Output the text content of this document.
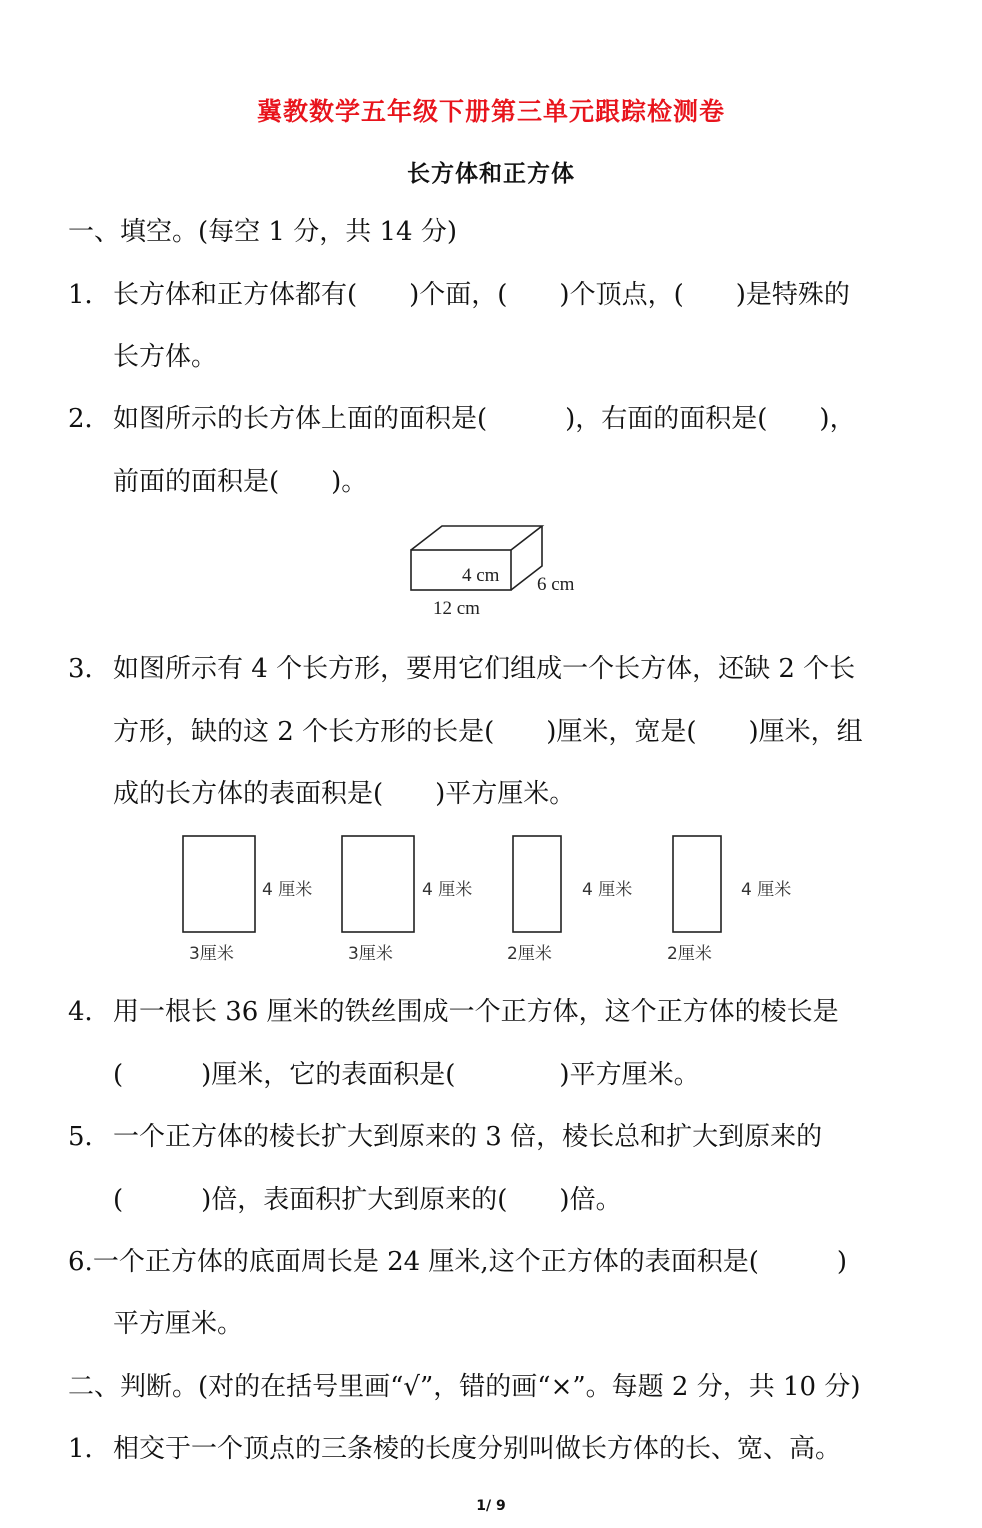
冀教数学五年级下册第三单元跟踪检测卷
长方体和正方体
一、填空。(每空 1 分，共 14 分)
1．长方体和正方体都有(　　)个面，(　　)个顶点，(　　)是特殊的
长方体。
2．如图所示的长方体上面的面积是(　　　)，右面的面积是(　　)，
前面的面积是(　　)。
4 cm 6 cm
12 cm
3．如图所示有 4 个长方形，要用它们组成一个长方体，还缺 2 个长
方形，缺的这 2 个长方形的长是(　　)厘米，宽是(　　)厘米，组
成的长方体的表面积是(　　)平方厘米。
4 厘米
3厘米
4 厘米
3厘米
4 厘米
2厘米
4 厘米
2厘米
4．用一根长 36 厘米的铁丝围成一个正方体，这个正方体的棱长是
(　　　)厘米，它的表面积是(　　　　)平方厘米。
5．一个正方体的棱长扩大到原来的 3 倍，棱长总和扩大到原来的
(　　　)倍，表面积扩大到原来的(　　)倍。
6.一个正方体的底面周长是 24 厘米,这个正方体的表面积是(　　　)
平方厘米。
二、判断。(对的在括号里画“√”，错的画“×”。每题 2 分，共 10 分)
1．相交于一个顶点的三条棱的长度分别叫做长方体的长、宽、高。
1/ 9
